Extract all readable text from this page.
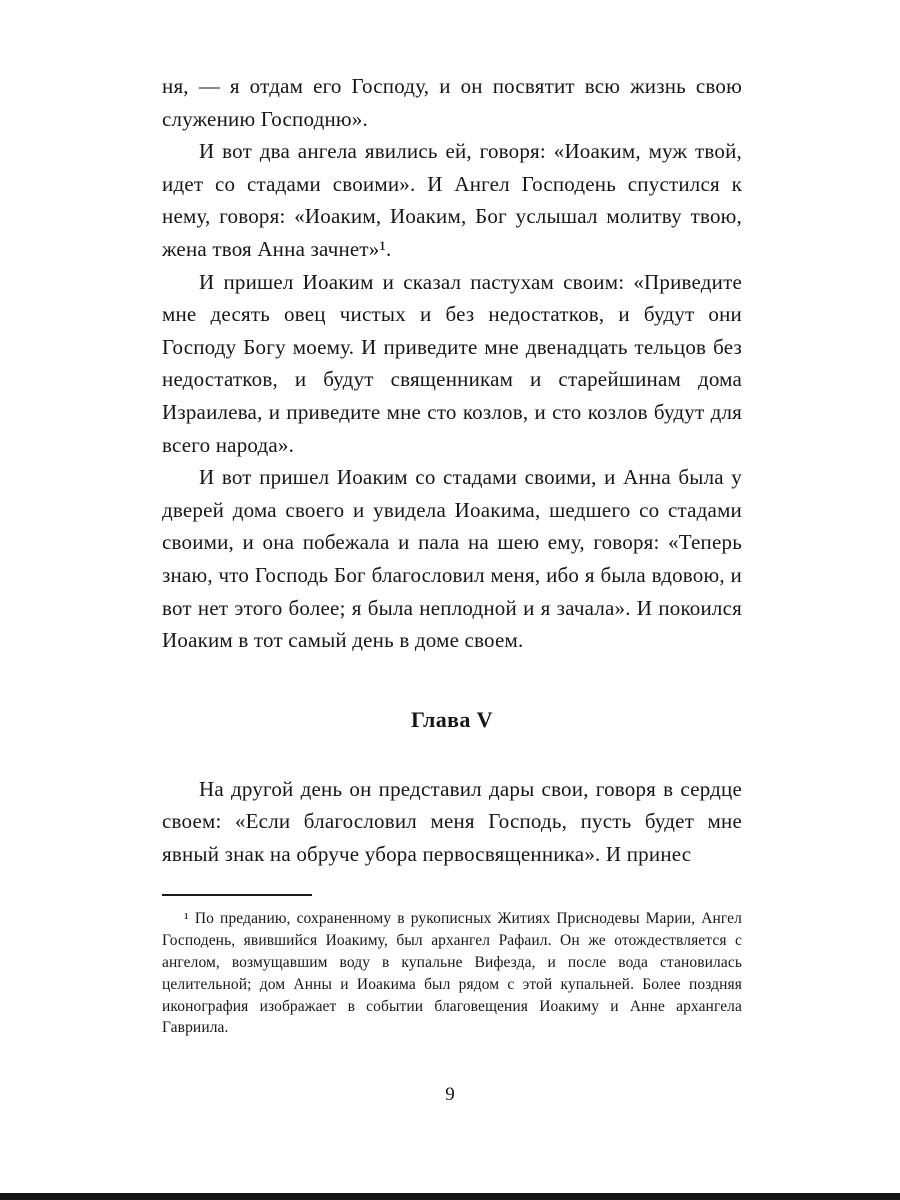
ня, — я отдам его Господу, и он посвятит всю жизнь свою служению Господню».

И вот два ангела явились ей, говоря: «Иоаким, муж твой, идет со стадами своими». И Ангел Господень спустился к нему, говоря: «Иоаким, Иоаким, Бог услышал молитву твою, жена твоя Анна зачнет»¹.

И пришел Иоаким и сказал пастухам своим: «Приведите мне десять овец чистых и без недостатков, и будут они Господу Богу моему. И приведите мне двенадцать тельцов без недостатков, и будут священникам и старейшинам дома Израилева, и приведите мне сто козлов, и сто козлов будут для всего народа».

И вот пришел Иоаким со стадами своими, и Анна была у дверей дома своего и увидела Иоакима, шедшего со стадами своими, и она побежала и пала на шею ему, говоря: «Теперь знаю, что Господь Бог благословил меня, ибо я была вдовою, и вот нет этого более; я была неплодной и я зачала». И покоился Иоаким в тот самый день в доме своем.

Глава V

На другой день он представил дары свои, говоря в сердце своем: «Если благословил меня Господь, пусть будет мне явный знак на обруче убора первосвященника». И принес

¹ По преданию, сохраненному в рукописных Житиях Приснодевы Марии, Ангел Господень, явившийся Иоакиму, был архангел Рафаил. Он же отождествляется с ангелом, возмущавшим воду в купальне Вифезда, и после вода становилась целительной; дом Анны и Иоакима был рядом с этой купальней. Более поздняя иконография изображает в событии благовещения Иоакиму и Анне архангела Гавриила.

9
